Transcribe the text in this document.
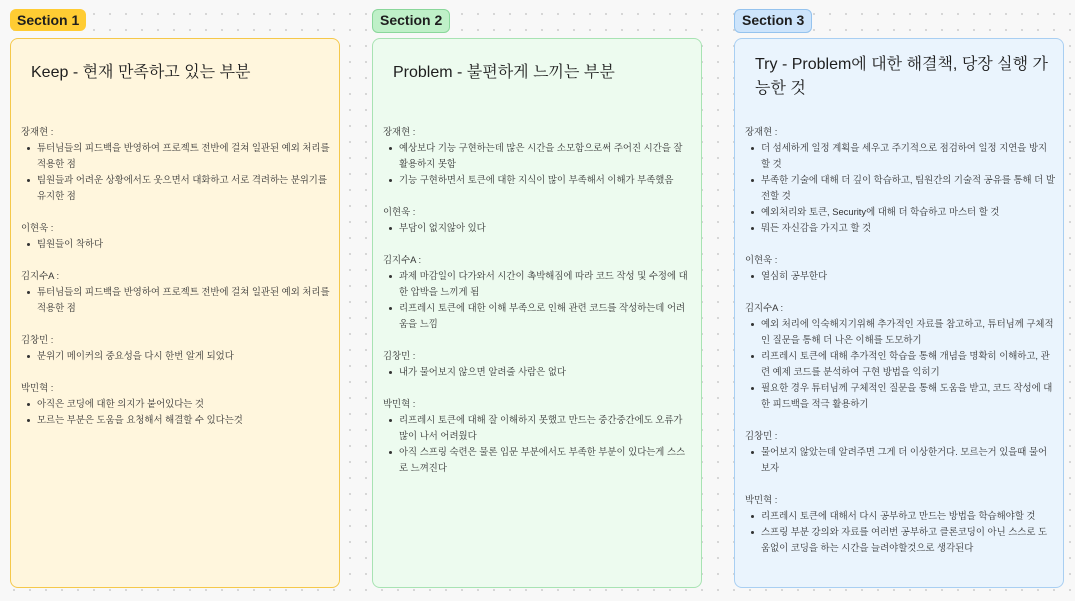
Section 1
Keep - 현재 만족하고 있는 부분
장재현 :
튜터님들의 피드백을 반영하여 프로젝트 전반에 걸쳐 일관된 예외 처리를 적용한 점
팀원들과 어려운 상황에서도 웃으면서 대화하고 서로 격려하는 분위기를 유지한 점
이현욱 :
팀원들이 착하다
김지수A :
튜터님들의 피드백을 반영하여 프로젝트 전반에 걸쳐 일관된 예외 처리를 적용한 점
김창민 :
분위기 메이커의 중요성을 다시 한번 알게 되었다
박민혁 :
아직은 코딩에 대한 의지가 붙어있다는 것
모르는 부분은 도움을 요청해서 해결할 수 있다는것
Section 2
Problem - 불편하게 느끼는 부분
장재현 :
예상보다 기능 구현하는데 많은 시간을 소모함으로써 주어진 시간을 잘 활용하지 못함
기능 구현하면서 토큰에 대한 지식이 많이 부족해서 이해가 부족했음
이현욱 :
부담이 없지않아 있다
김지수A :
과제 마감일이 다가와서 시간이 촉박해짐에 따라 코드 작성 및 수정에 대한 압박을 느끼게 됨
리프레시 토큰에 대한 이해 부족으로 인해 관련 코드를 작성하는데 어려움을 느낌
김창민 :
내가 물어보지 않으면 알려줄 사람은 없다
박민혁 :
리프레시 토큰에 대해 잘 이해하지 못했고 만드는 중간중간에도 오류가 많이 나서 어려웠다
아직 스프링 숙련은 물론 입문 부분에서도 부족한 부분이 있다는게 스스로 느껴진다
Section 3
Try - Problem에 대한 해결책, 당장 실행 가
능한 것
장재현 :
더 섬세하게 일정 계획을 세우고 주기적으로 점검하여 일정 지연을 방지할 것
부족한 기술에 대해 더 깊이 학습하고, 팀원간의 기술적 공유를 통해 더 발전할 것
예외처리와 토큰, Security에 대해 더 학습하고 마스터 할 것
뭐든 자신감을 가지고 할 것
이현욱 :
열심히 공부한다
김지수A :
예외 처리에 익숙해지기위해 추가적인 자료를 참고하고, 튜터님께 구체적인 질문을 통해 더 나은 이해를 도모하기
리프레시 토큰에 대해 추가적인 학습을 통해 개념을 명확히 이해하고, 관련 예제 코드를 분석하여 구현 방법을 익히기
필요한 경우 튜터님께 구체적인 질문을 통해 도움을 받고, 코드 작성에 대한 피드백을 적극 활용하기
김창민 :
물어보지 않았는데 알려주면 그게 더 이상한거다. 모르는거 있을때 물어보자
박민혁 :
리프레시 토큰에 대해서 다시 공부하고 만드는 방법을 학습해야할 것
스프링 부분 강의와 자료를 여러번 공부하고 클론코딩이 아닌 스스로 도움없이 코딩을 하는 시간을 늘려야할것으로 생각된다
